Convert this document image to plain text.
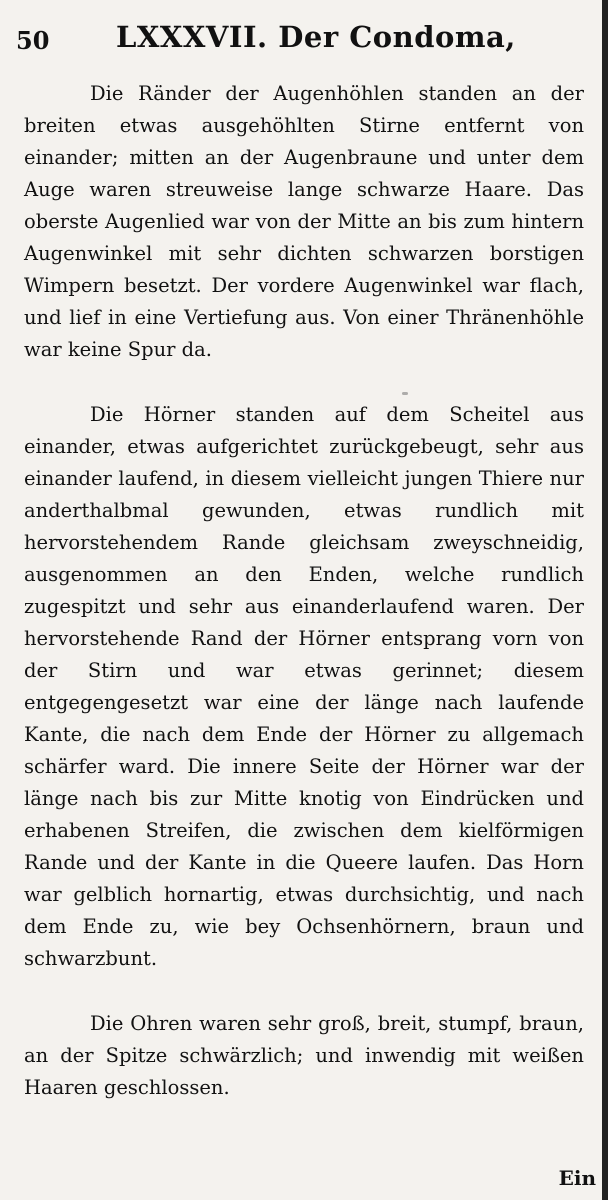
50 LXXXVII. Der Condoma,

Die Ränder der Augenhöhlen standen an der breiten etwas ausgehöhlten Stirne entfernt von einander; mitten an der Augenbraune und unter dem Auge waren streuweise lange schwarze Haare. Das oberste Augenlied war von der Mitte an bis zum hintern Augenwinkel mit sehr dichten schwarzen borstigen Wimpern besetzt. Der vordere Augenwinkel war flach, und lief in eine Vertiefung aus. Von einer Thränenhöhle war keine Spur da.

Die Hörner standen auf dem Scheitel aus einander, etwas aufgerichtet zurückgebeugt, sehr aus einander laufend, in diesem vielleicht jungen Thiere nur anderthalbmal gewunden, etwas rundlich mit hervorstehendem Rande gleichsam zweyschneidig, ausgenommen an den Enden, welche rundlich zugespitzt und sehr aus einanderlaufend waren. Der hervorstehende Rand der Hörner entsprang vorn von der Stirn und war etwas gerinnet; diesem entgegengesetzt war eine der länge nach laufende Kante, die nach dem Ende der Hörner zu allgemach schärfer ward. Die innere Seite der Hörner war der länge nach bis zur Mitte knotig von Eindrücken und erhabenen Streifen, die zwischen dem kielförmigen Rande und der Kante in die Queere laufen. Das Horn war gelblich hornartig, etwas durchsichtig, und nach dem Ende zu, wie bey Ochsenhörnern, braun und schwarzbunt.

Die Ohren waren sehr groß, breit, stumpf, braun, an der Spitze schwärzlich; und inwendig mit weißen Haaren geschlossen.

Ein
